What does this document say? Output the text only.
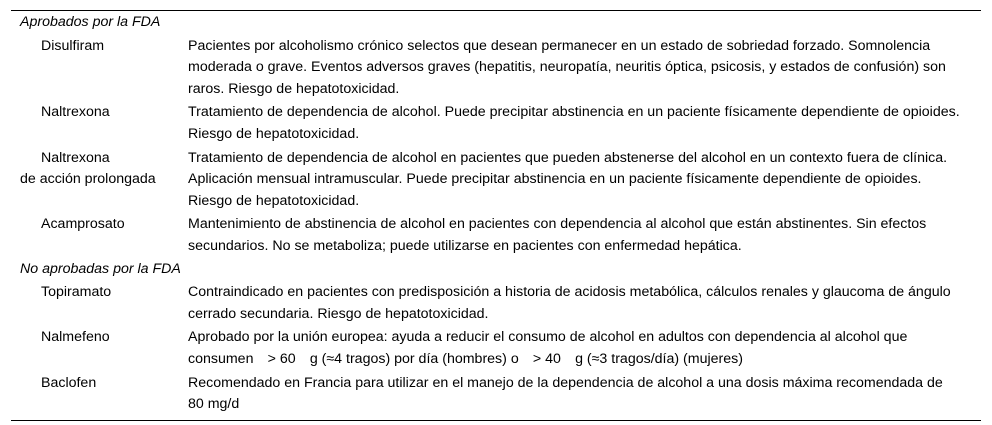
Aprobados por la FDA	
Disulfiram	Pacientes por alcoholismo crónico selectos que desean permanecer en un estado de sobriedad forzado. Somnolencia moderada o grave. Eventos adversos graves (hepatitis, neuropatía, neuritis óptica, psicosis, y estados de confusión) son raros. Riesgo de hepatotoxicidad.
Naltrexona	Tratamiento de dependencia de alcohol. Puede precipitar abstinencia en un paciente físicamente dependiente de opioides. Riesgo de hepatotoxicidad.
Naltrexona
de acción prolongada	Tratamiento de dependencia de alcohol en pacientes que pueden abstenerse del alcohol en un contexto fuera de clínica. Aplicación mensual intramuscular. Puede precipitar abstinencia en un paciente físicamente dependiente de opioides. Riesgo de hepatotoxicidad.
Acamprosato	Mantenimiento de abstinencia de alcohol en pacientes con dependencia al alcohol que están abstinentes. Sin efectos secundarios. No se metaboliza; puede utilizarse en pacientes con enfermedad hepática.
No aprobadas por la FDA	
Topiramato	Contraindicado en pacientes con predisposición a historia de acidosis metabólica, cálculos renales y glaucoma de ángulo cerrado secundaria. Riesgo de hepatotoxicidad.
Nalmefeno	Aprobado por la unión europea: ayuda a reducir el consumo de alcohol en adultos con dependencia al alcohol que consumen > 60 g (≈4 tragos) por día (hombres) o > 40 g (≈3 tragos/día) (mujeres)
Baclofen	Recomendado en Francia para utilizar en el manejo de la dependencia de alcohol a una dosis máxima recomendada de 80 mg/d
